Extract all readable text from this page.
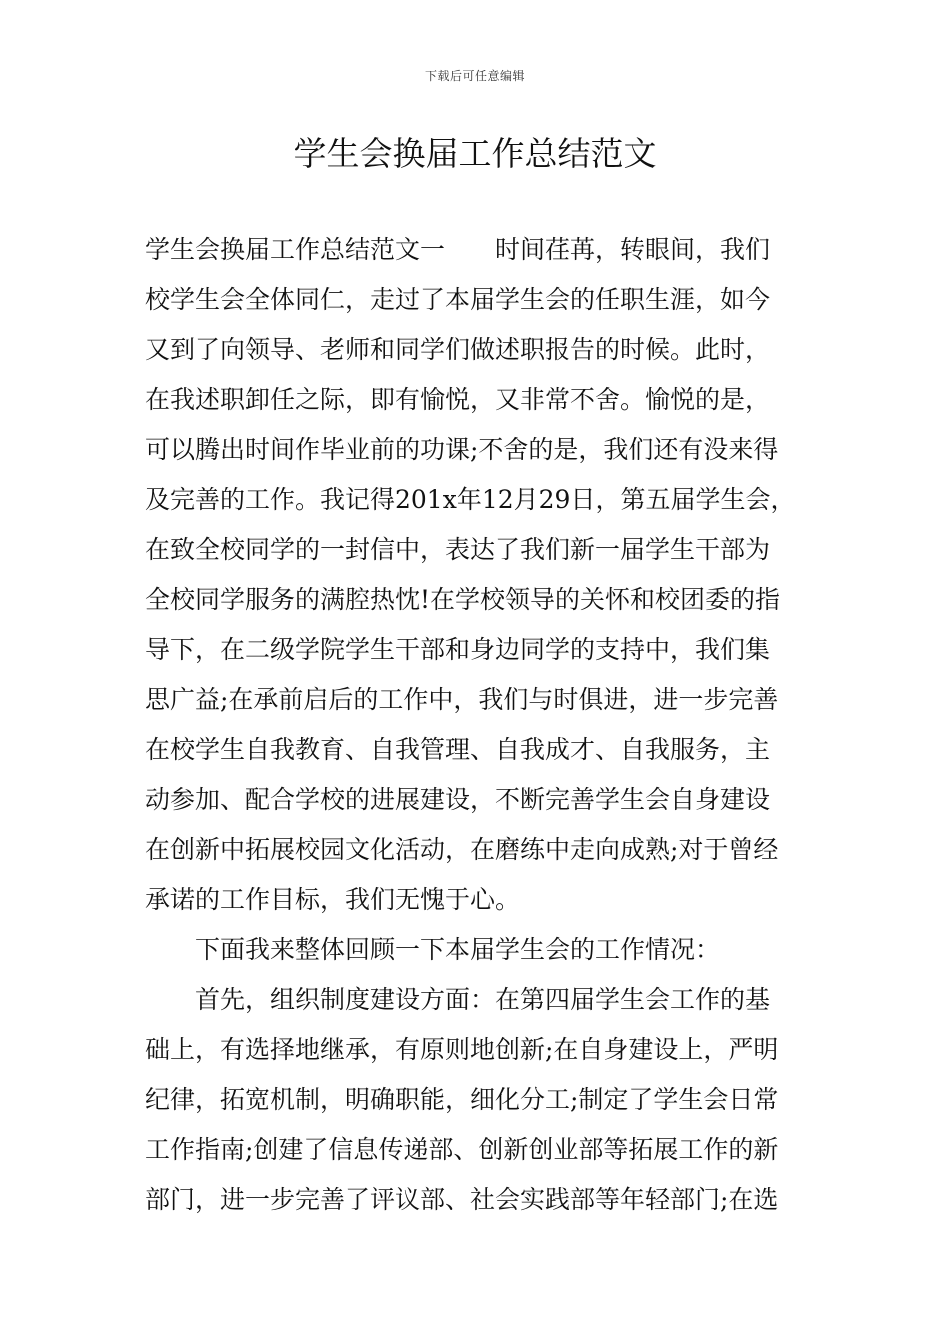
下载后可任意编辑
学生会换届工作总结范文
学生会换届工作总结范文一　　时间荏苒，转眼间，我们
校学生会全体同仁，走过了本届学生会的任职生涯，如今
又到了向领导、老师和同学们做述职报告的时候。此时，
在我述职卸任之际，即有愉悦，又非常不舍。愉悦的是，
可以腾出时间作毕业前的功课;不舍的是，我们还有没来得
及完善的工作。我记得201x年12月29日，第五届学生会，
在致全校同学的一封信中，表达了我们新一届学生干部为
全校同学服务的满腔热忱!在学校领导的关怀和校团委的指
导下，在二级学院学生干部和身边同学的支持中，我们集
思广益;在承前启后的工作中，我们与时俱进，进一步完善
在校学生自我教育、自我管理、自我成才、自我服务，主
动参加、配合学校的进展建设，不断完善学生会自身建设
在创新中拓展校园文化活动，在磨练中走向成熟;对于曾经
承诺的工作目标，我们无愧于心。
下面我来整体回顾一下本届学生会的工作情况：
首先，组织制度建设方面：在第四届学生会工作的基
础上，有选择地继承，有原则地创新;在自身建设上，严明
纪律，拓宽机制，明确职能，细化分工;制定了学生会日常
工作指南;创建了信息传递部、创新创业部等拓展工作的新
部门，进一步完善了评议部、社会实践部等年轻部门;在选
